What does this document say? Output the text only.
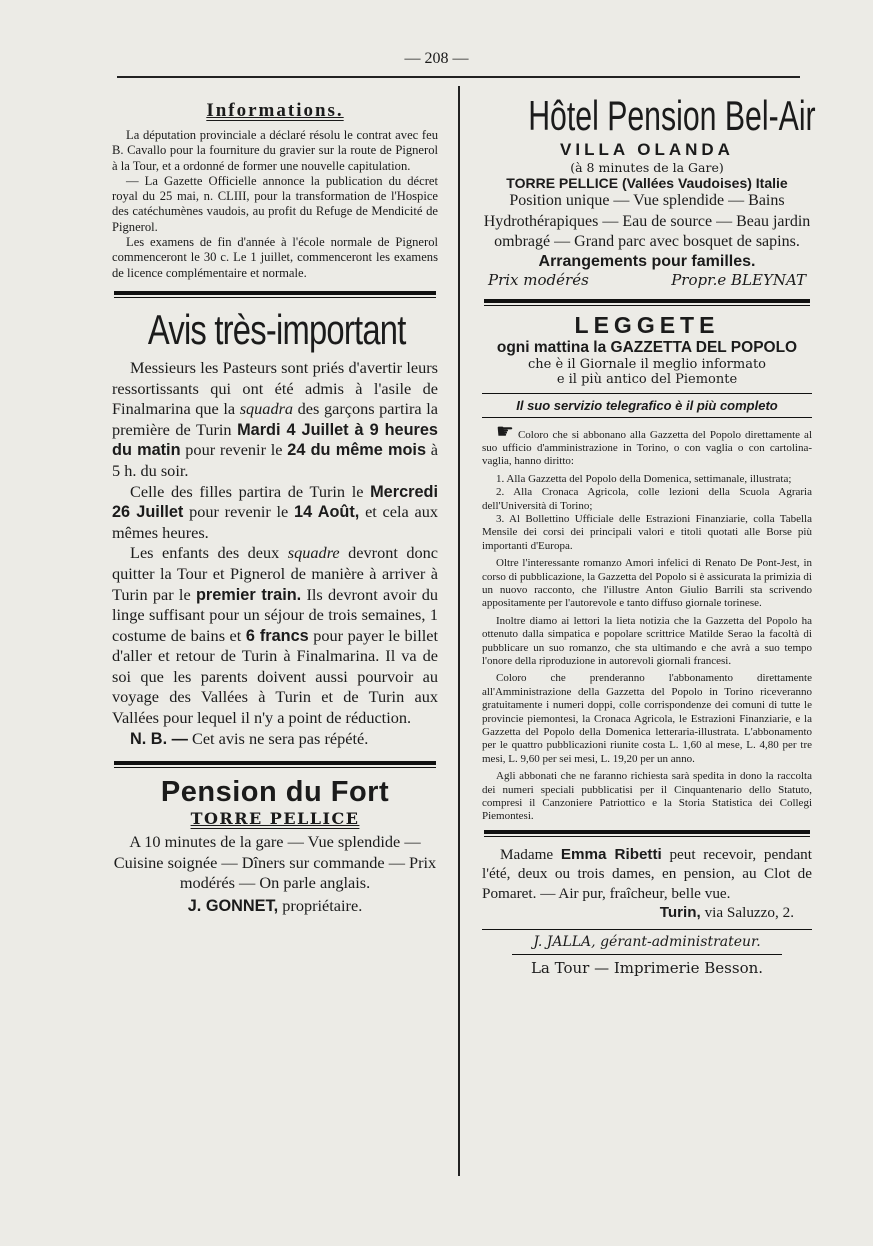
— 208 —
Informations.

La députation provinciale a déclaré résolu le contrat avec feu B. Cavallo pour la fourniture du gravier sur la route de Pignerol à la Tour, et a ordonné de former une nouvelle capitulation.

— La Gazette Officielle annonce la publication du décret royal du 25 mai, n. CLIII, pour la transformation de l'Hospice des catéchumènes vaudois, au profit du Refuge de Mendicité de Pignerol.

Les examens de fin d'année à l'école normale de Pignerol commenceront le 30 c. Le 1 juillet, commenceront les examens de licence complémentaire et normale.

Avis très-important

Messieurs les Pasteurs sont priés d'avertir leurs ressortissants qui ont été admis à l'asile de Finalmarina que la squadra des garçons partira la première de Turin Mardi 4 Juillet à 9 heures du matin pour revenir le 24 du même mois à 5 h. du soir.

Celle des filles partira de Turin le Mercredi 26 Juillet pour revenir le 14 Août, et cela aux mêmes heures.

Les enfants des deux squadre devront donc quitter la Tour et Pignerol de manière à arriver à Turin par le premier train. Ils devront avoir du linge suffisant pour un séjour de trois semaines, 1 costume de bains et 6 francs pour payer le billet d'aller et retour de Turin à Finalmarina. Il va de soi que les parents doivent aussi pourvoir au voyage des Vallées à Turin et de Turin aux Vallées pour lequel il n'y a point de réduction.

N. B. — Cet avis ne sera pas répété.

Pension du Fort
TORRE PELLICE
A 10 minutes de la gare — Vue splendide — Cuisine soignée — Dîners sur commande — Prix modérés — On parle anglais.
J. GONNET, propriétaire.
Hôtel Pension Bel-Air
VILLA OLANDA
(à 8 minutes de la Gare)
TORRE PELLICE (Vallées Vaudoises) Italie
Position unique — Vue splendide — Bains Hydrothérapiques — Eau de source — Beau jardin ombragé — Grand parc avec bosquet de sapins.
Arrangements pour familles.
Prix modérés	Propr.e BLEYNAT
LEGGETE
ogni mattina la GAZZETTA DEL POPOLO
che è il Giornale il meglio informato
e il più antico del Piemonte
Il suo servizio telegrafico è il più completo

☛ Coloro che si abbonano alla Gazzetta del Popolo direttamente al suo ufficio d'amministrazione in Torino, o con vaglia o con cartolina-vaglia, hanno diritto:

1. Alla Gazzetta del Popolo della Domenica, settimanale, illustrata;

2. Alla Cronaca Agricola, colle lezioni della Scuola Agraria dell'Università di Torino;

3. Al Bollettino Ufficiale delle Estrazioni Finanziarie, colla Tabella Mensile dei corsi dei principali valori e titoli quotati alle Borse più importanti d'Europa.

Oltre l'interessante romanzo Amori infelici di Renato De Pont-Jest, in corso di pubblicazione, la Gazzetta del Popolo si è assicurata la primizia di un nuovo racconto, che l'illustre Anton Giulio Barrili sta scrivendo appositamente per l'autorevole e tanto diffuso giornale torinese.

Inoltre diamo ai lettori la lieta notizia che la Gazzetta del Popolo ha ottenuto dalla simpatica e popolare scrittrice Matilde Serao la facoltà di pubblicare un suo romanzo, che sta ultimando e che avrà a suo tempo l'onore della riproduzione in autorevoli giornali francesi.

Coloro che prenderanno l'abbonamento direttamente all'Amministrazione della Gazzetta del Popolo in Torino riceveranno gratuitamente i numeri doppi, colle corrispondenze dei comuni di tutte le provincie piemontesi, la Cronaca Agricola, le Estrazioni Finanziarie, e la Gazzetta del Popolo della Domenica letteraria-illustrata. L'abbonamento per le quattro pubblicazioni riunite costa L. 1,60 al mese, L. 4,80 per tre mesi, L. 9,60 per sei mesi, L. 19,20 per un anno.

Agli abbonati che ne faranno richiesta sarà spedita in dono la raccolta dei numeri speciali pubblicatisi per il Cinquantenario dello Statuto, compresi il Canzoniere Patriottico e la Storia Statistica dei Collegi Piemontesi.

Madame Emma Ribetti peut recevoir, pendant l'été, deux ou trois dames, en pension, au Clot de Pomaret. — Air pur, fraîcheur, belle vue.

Turin, via Saluzzo, 2.
J. JALLA, gérant-administrateur.
La Tour — Imprimerie Besson.
